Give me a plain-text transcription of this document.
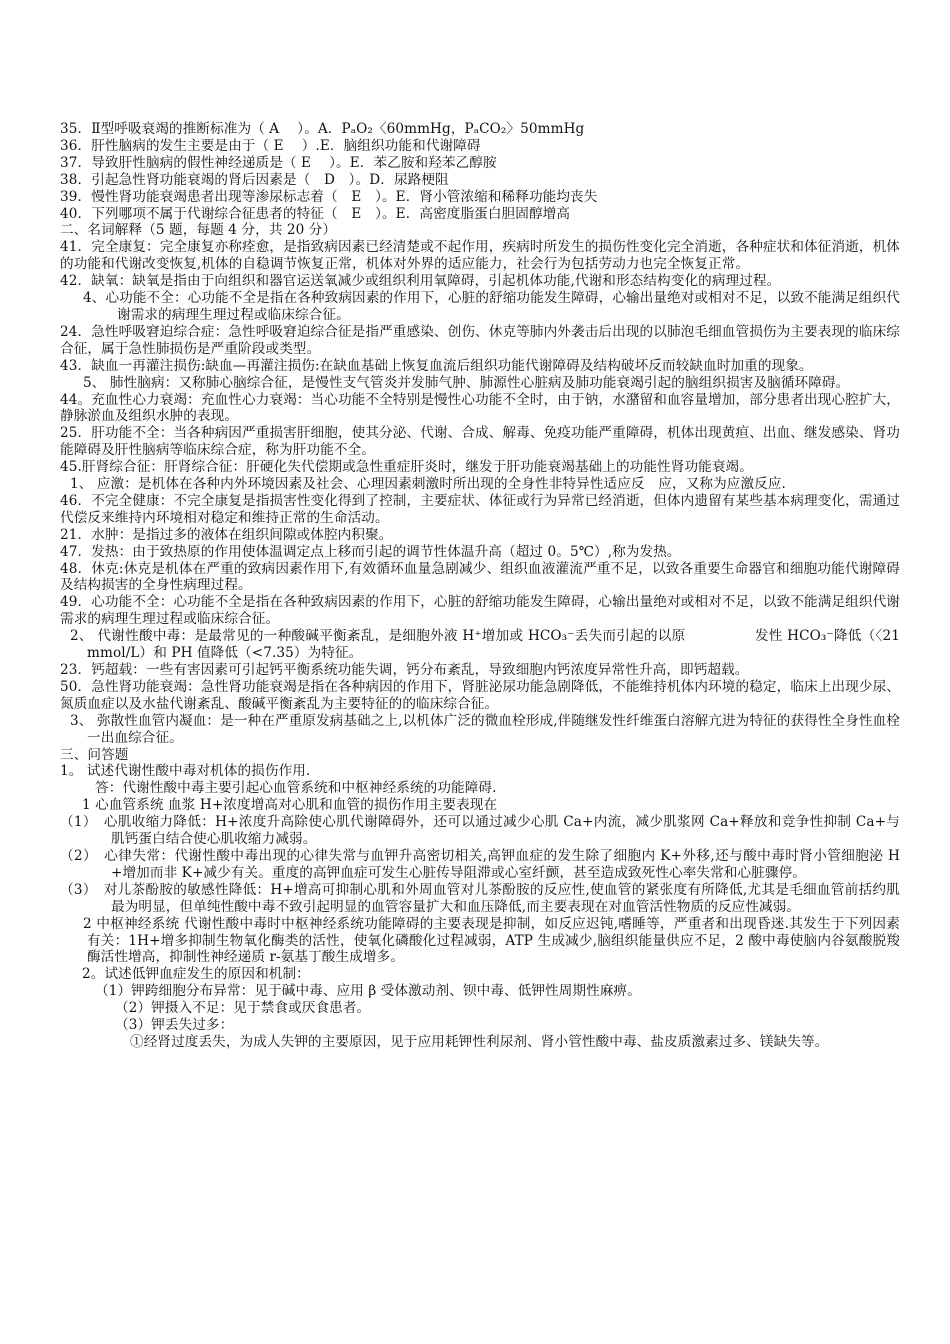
35．Ⅱ型呼吸衰竭的推断标准为（ A　 ）。A．PₐO₂〈60mmHg，PₐCO₂〉50mmHg

36．肝性脑病的发生主要是由于（ E　 ）.E．脑组织功能和代谢障碍

37．导致肝性脑病的假性神经递质是（ E　 ）。E．苯乙胺和羟苯乙醇胺

38．引起急性肾功能衰竭的肾后因素是（　D　）。D．尿路梗阻

39．慢性肾功能衰竭患者出现等渗尿标志着（　E　）。E．肾小管浓缩和稀释功能均丧失

40．下列哪项不属于代谢综合征患者的特征（　E　）。E．高密度脂蛋白胆固醇增高

二、名词解释（5 题，每题 4 分，共 20 分）

41．完全康复：完全康复亦称痊愈，是指致病因素已经清楚或不起作用，疾病时所发生的损伤性变化完全消逝，各种症状和体征消逝，机体的功能和代谢改变恢复,机体的自稳调节恢复正常，机体对外界的适应能力，社会行为包括劳动力也完全恢复正常。

42．缺氧：缺氧是指由于向组织和器官运送氧减少或组织利用氧障碍，引起机体功能,代谢和形态结构变化的病理过程。

4、心功能不全：心功能不全是指在各种致病因素的作用下，心脏的舒缩功能发生障碍，心输出量绝对或相对不足，以致不能满足组织代谢需求的病理生理过程或临床综合征。

24．急性呼吸窘迫综合症：急性呼吸窘迫综合征是指严重感染、创伤、休克等肺内外袭击后出现的以肺泡毛细血管损伤为主要表现的临床综合征，属于急性肺损伤是严重阶段或类型。

43．缺血一再灌注损伤:缺血—再灌注损伤:在缺血基础上恢复血流后组织功能代谢障碍及结构破坏反而较缺血时加重的现象。

5、 肺性脑病：又称肺心脑综合征，是慢性支气管炎并发肺气肿、肺源性心脏病及肺功能衰竭引起的脑组织损害及脑循环障碍。

44。充血性心力衰竭：充血性心力衰竭：当心功能不全特别是慢性心功能不全时，由于钠，水潴留和血容量增加，部分患者出现心腔扩大，静脉淤血及组织水肿的表现。

25．肝功能不全：当各种病因严重损害肝细胞，使其分泌、代谢、合成、解毒、免疫功能严重障碍，机体出现黄疸、出血、继发感染、肾功能障碍及肝性脑病等临床综合症，称为肝功能不全。

45.肝肾综合征：肝肾综合征：肝硬化失代偿期或急性重症肝炎时，继发于肝功能衰竭基础上的功能性肾功能衰竭。

1、 应激：是机体在各种内外环境因素及社会、心理因素刺激时所出现的全身性非特异性适应反　应，又称为应激反应.

46．不完全健康：不完全康复是指损害性变化得到了控制，主要症状、体征或行为异常已经消逝，但体内遗留有某些基本病理变化，需通过代偿反来维持内环境相对稳定和维持正常的生命活动。

21．水肿：是指过多的液体在组织间隙或体腔内积聚。

47．发热：由于致热原的作用使体温调定点上移而引起的调节性体温升高（超过 0。5℃）,称为发热。

48．休克:休克是机体在严重的致病因素作用下,有效循环血量急剧减少、组织血液灌流严重不足，以致各重要生命器官和细胞功能代谢障碍及结构损害的全身性病理过程。

49．心功能不全：心功能不全是指在各种致病因素的作用下，心脏的舒缩功能发生障碍，心输出量绝对或相对不足，以致不能满足组织代谢需求的病理生理过程或临床综合征。

2、 代谢性酸中毒：是最常见的一种酸碱平衡紊乱，是细胞外液 H⁺增加或 HCO₃⁻丢失而引起的以原　　　　　发性 HCO₃⁻降低（〈21mmol/L）和 PH 值降低（<7.35）为特征。

23．钙超载：一些有害因素可引起钙平衡系统功能失调，钙分布紊乱，导致细胞内钙浓度异常性升高，即钙超载。

50．急性肾功能衰竭：急性肾功能衰竭是指在各种病因的作用下，肾脏泌尿功能急剧降低，不能维持机体内环境的稳定，临床上出现少尿、氮质血症以及水盐代谢紊乱、酸碱平衡紊乱为主要特征的的临床综合征。

3、 弥散性血管内凝血：是一种在严重原发病基础之上,以机体广泛的微血栓形成,伴随继发性纤维蛋白溶解亢进为特征的获得性全身性血栓一出血综合征。

三、问答题

1。 试述代谢性酸中毒对机体的损伤作用.

答：代谢性酸中毒主要引起心血管系统和中枢神经系统的功能障碍.

1 心血管系统 血浆 H+浓度增高对心肌和血管的损伤作用主要表现在

（1）　心肌收缩力降低：H+浓度升高除使心肌代谢障碍外，还可以通过减少心肌 Ca+内流，减少肌浆网 Ca+释放和竞争性抑制 Ca+与肌钙蛋白结合使心肌收缩力减弱。

（2）　心律失常：代谢性酸中毒出现的心律失常与血钾升高密切相关,高钾血症的发生除了细胞内 K+外移,还与酸中毒时肾小管细胞泌 H+增加而非 K+减少有关。重度的高钾血症可发生心脏传导阻滞或心室纤颤，甚至造成致死性心率失常和心脏骤停。

（3）　对儿茶酚胺的敏感性降低：H+增高可抑制心肌和外周血管对儿茶酚胺的反应性,使血管的紧张度有所降低,尤其是毛细血管前括约肌最为明显，但单纯性酸中毒不致引起明显的血管容量扩大和血压降低,而主要表现在对血管活性物质的反应性减弱。

2 中枢神经系统 代谢性酸中毒时中枢神经系统功能障碍的主要表现是抑制，如反应迟钝,嗜睡等，严重者和出现昏迷.其发生于下列因素有关：1H+增多抑制生物氧化酶类的活性，使氧化磷酸化过程减弱，ATP 生成减少,脑组织能量供应不足，2 酸中毒使脑内谷氨酸脱羧酶活性增高，抑制性神经递质 r-氨基丁酸生成增多。

2。试述低钾血症发生的原因和机制：

（1）钾跨细胞分布异常：见于碱中毒、应用 β 受体激动剂、钡中毒、低钾性周期性麻痹。

（2）钾摄入不足：见于禁食或厌食患者。

（3）钾丢失过多：

①经肾过度丢失，为成人失钾的主要原因，见于应用耗钾性利尿剂、肾小管性酸中毒、盐皮质激素过多、镁缺失等。
